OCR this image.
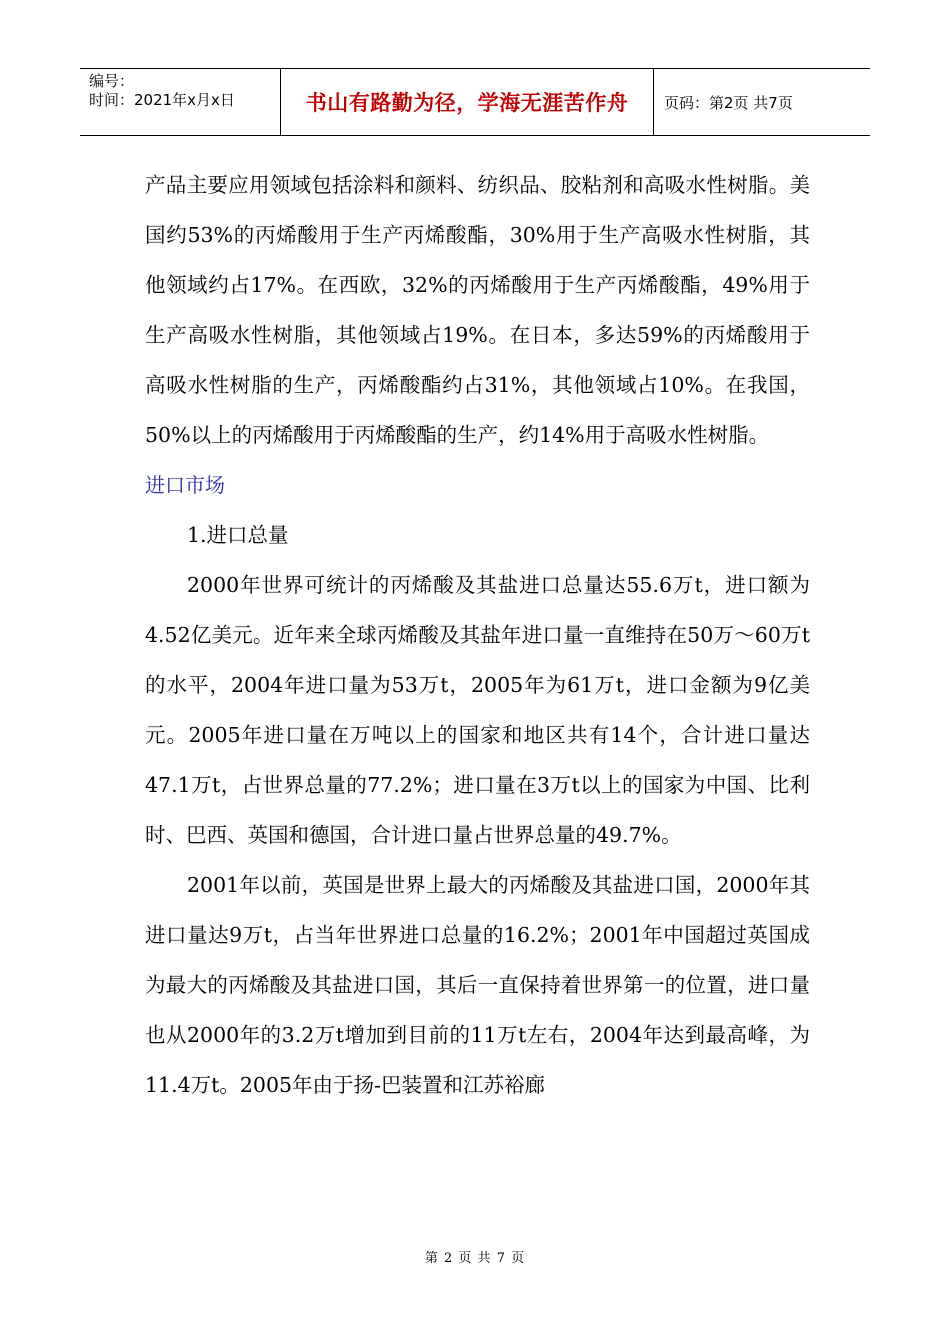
编号：
时间：2021年x月x日	书山有路勤为径，学海无涯苦作舟 页码：第2页 共7页

产品主要应用领域包括涂料和颜料、纺织品、胶粘剂和高吸水性树脂。美国约53%的丙烯酸用于生产丙烯酸酯，30%用于生产高吸水性树脂，其他领域约占17%。在西欧，32%的丙烯酸用于生产丙烯酸酯，49%用于生产高吸水性树脂，其他领域占19%。在日本，多达59%的丙烯酸用于高吸水性树脂的生产，丙烯酸酯约占31%，其他领域占10%。在我国，50%以上的丙烯酸用于丙烯酸酯的生产，约14%用于高吸水性树脂。

进口市场

1.进口总量

2000年世界可统计的丙烯酸及其盐进口总量达55.6万t，进口额为4.52亿美元。近年来全球丙烯酸及其盐年进口量一直维持在50万～60万t的水平，2004年进口量为53万t，2005年为61万t，进口金额为9亿美元。2005年进口量在万吨以上的国家和地区共有14个，合计进口量达47.1万t，占世界总量的77.2%；进口量在3万t以上的国家为中国、比利时、巴西、英国和德国，合计进口量占世界总量的49.7%。

2001年以前，英国是世界上最大的丙烯酸及其盐进口国，2000年其进口量达9万t，占当年世界进口总量的16.2%；2001年中国超过英国成为最大的丙烯酸及其盐进口国，其后一直保持着世界第一的位置，进口量也从2000年的3.2万t增加到目前的11万t左右，2004年达到最高峰，为11.4万t。2005年由于扬-巴装置和江苏裕廊

第 2 页 共 7 页
